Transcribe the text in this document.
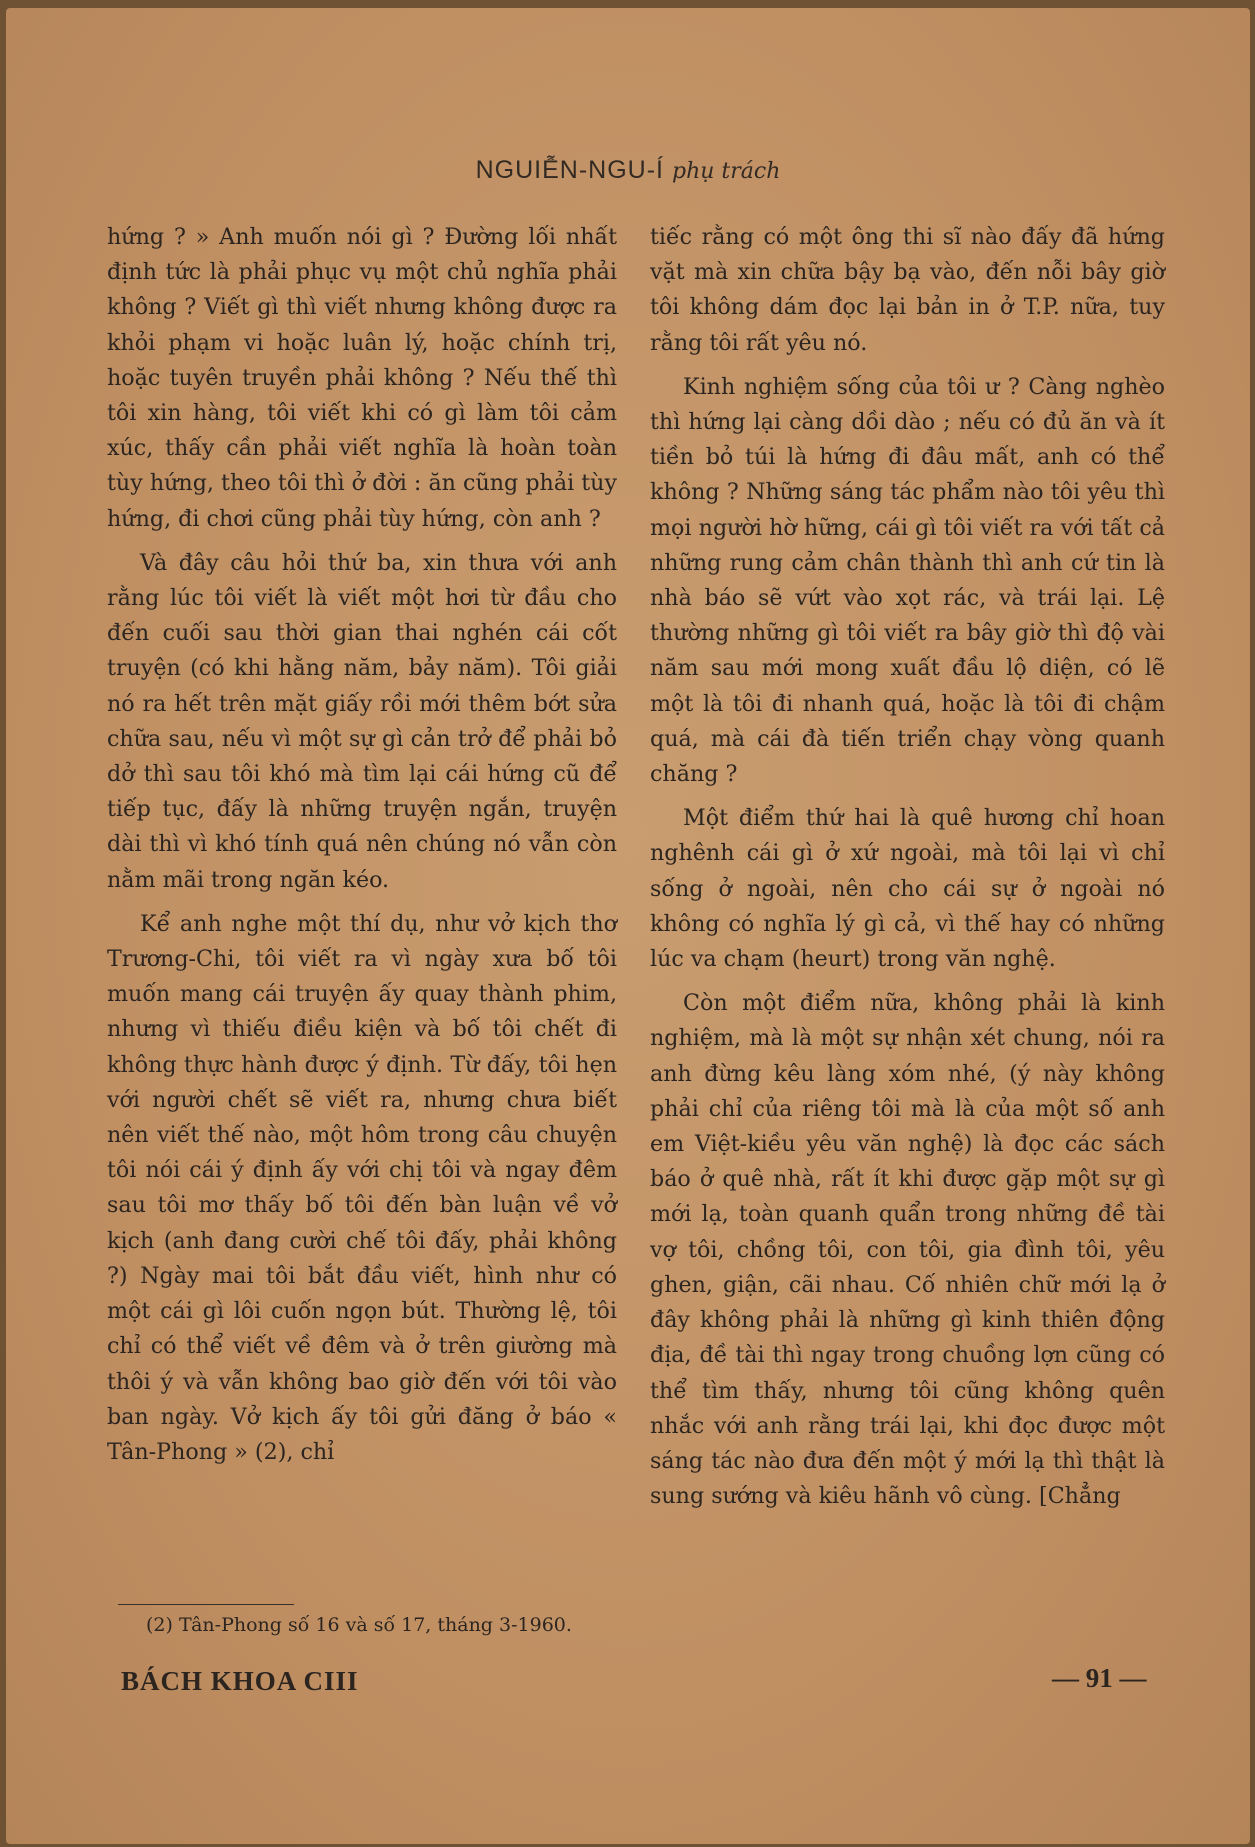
NGUIỄN-NGU-Í phụ trách

hứng ? » Anh muốn nói gì ? Đường lối nhất định tức là phải phục vụ một chủ nghĩa phải không ? Viết gì thì viết nhưng không được ra khỏi phạm vi hoặc luân lý, hoặc chính trị, hoặc tuyên truyền phải không ? Nếu thế thì tôi xin hàng, tôi viết khi có gì làm tôi cảm xúc, thấy cần phải viết nghĩa là hoàn toàn tùy hứng, theo tôi thì ở đời : ăn cũng phải tùy hứng, đi chơi cũng phải tùy hứng, còn anh ?

Và đây câu hỏi thứ ba, xin thưa với anh rằng lúc tôi viết là viết một hơi từ đầu cho đến cuối sau thời gian thai nghén cái cốt truyện (có khi hằng năm, bảy năm). Tôi giải nó ra hết trên mặt giấy rồi mới thêm bớt sửa chữa sau, nếu vì một sự gì cản trở để phải bỏ dở thì sau tôi khó mà tìm lại cái hứng cũ để tiếp tục, đấy là những truyện ngắn, truyện dài thì vì khó tính quá nên chúng nó vẫn còn nằm mãi trong ngăn kéo.

Kể anh nghe một thí dụ, như vở kịch thơ Trương-Chi, tôi viết ra vì ngày xưa bố tôi muốn mang cái truyện ấy quay thành phim, nhưng vì thiếu điều kiện và bố tôi chết đi không thực hành được ý định. Từ đấy, tôi hẹn với người chết sẽ viết ra, nhưng chưa biết nên viết thế nào, một hôm trong câu chuyện tôi nói cái ý định ấy với chị tôi và ngay đêm sau tôi mơ thấy bố tôi đến bàn luận về vở kịch (anh đang cười chế tôi đấy, phải không ?) Ngày mai tôi bắt đầu viết, hình như có một cái gì lôi cuốn ngọn bút. Thường lệ, tôi chỉ có thể viết về đêm và ở trên giường mà thôi ý và vẫn không bao giờ đến với tôi vào ban ngày. Vở kịch ấy tôi gửi đăng ở báo « Tân-Phong » (2), chỉ

tiếc rằng có một ông thi sĩ nào đấy đã hứng vặt mà xin chữa bậy bạ vào, đến nỗi bây giờ tôi không dám đọc lại bản in ở T.P. nữa, tuy rằng tôi rất yêu nó.

Kinh nghiệm sống của tôi ư ? Càng nghèo thì hứng lại càng dồi dào ; nếu có đủ ăn và ít tiền bỏ túi là hứng đi đâu mất, anh có thể không ? Những sáng tác phẩm nào tôi yêu thì mọi người hờ hững, cái gì tôi viết ra với tất cả những rung cảm chân thành thì anh cứ tin là nhà báo sẽ vứt vào xọt rác, và trái lại. Lệ thường những gì tôi viết ra bây giờ thì độ vài năm sau mới mong xuất đầu lộ diện, có lẽ một là tôi đi nhanh quá, hoặc là tôi đi chậm quá, mà cái đà tiến triển chạy vòng quanh chăng ?

Một điểm thứ hai là quê hương chỉ hoan nghênh cái gì ở xứ ngoài, mà tôi lại vì chỉ sống ở ngoài, nên cho cái sự ở ngoài nó không có nghĩa lý gì cả, vì thế hay có những lúc va chạm (heurt) trong văn nghệ.

Còn một điểm nữa, không phải là kinh nghiệm, mà là một sự nhận xét chung, nói ra anh đừng kêu làng xóm nhé, (ý này không phải chỉ của riêng tôi mà là của một số anh em Việt-kiều yêu văn nghệ) là đọc các sách báo ở quê nhà, rất ít khi được gặp một sự gì mới lạ, toàn quanh quẩn trong những đề tài vợ tôi, chồng tôi, con tôi, gia đình tôi, yêu ghen, giận, cãi nhau. Cố nhiên chữ mới lạ ở đây không phải là những gì kinh thiên động địa, đề tài thì ngay trong chuồng lợn cũng có thể tìm thấy, nhưng tôi cũng không quên nhắc với anh rằng trái lại, khi đọc được một sáng tác nào đưa đến một ý mới lạ thì thật là sung sướng và kiêu hãnh vô cùng. [Chẳng

(2) Tân-Phong số 16 và số 17, tháng 3-1960.
BÁCH KHOA CIII	— 91 —
